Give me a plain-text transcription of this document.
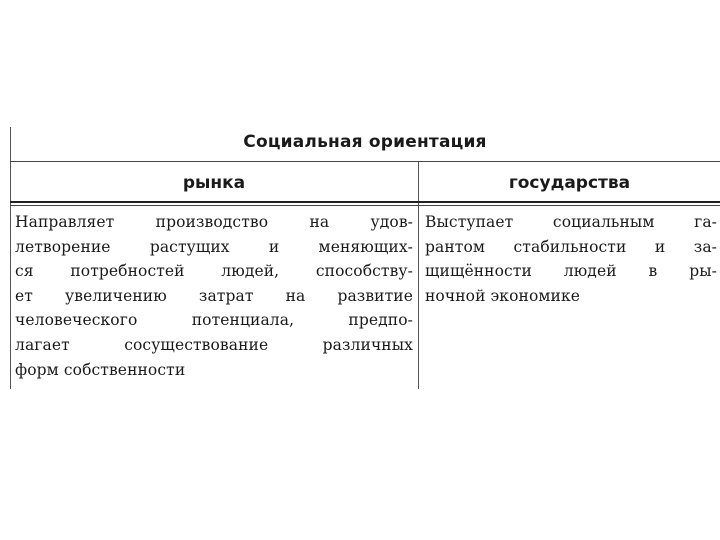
Социальная ориентация
рынка	государства
Направляет производство на удов-
летворение растущих и меняющих-
ся потребностей людей, способству-
ет увеличению затрат на развитие
человеческого потенциала, предпо-
лагает сосуществование различных
форм собственности
Выступает социальным га-
рантом стабильности и за-
щищённости людей в ры-
ночной экономике
